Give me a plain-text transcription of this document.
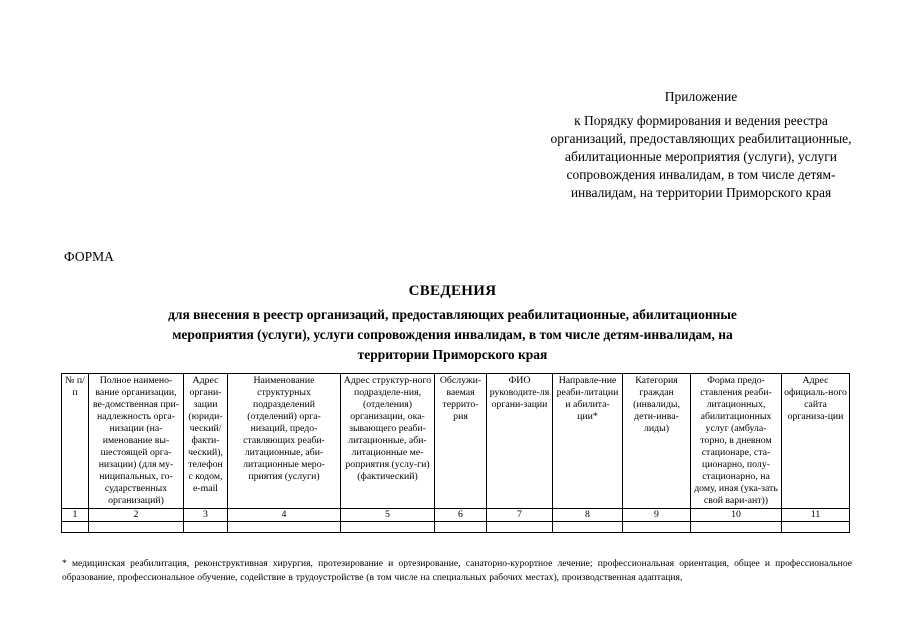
Приложение
к Порядку формирования и ведения реестра организаций, предоставляющих реабилитационные, абилитационные мероприятия (услуги), услуги сопровождения инвалидам, в том числе детям-инвалидам, на территории Приморского края
ФОРМА
СВЕДЕНИЯ
для внесения в реестр организаций, предоставляющих реабилитационные, абилитационные мероприятия (услуги), услуги сопровождения инвалидам, в том числе детям-инвалидам, на территории Приморского края
№ п/п	Полное наимено-вание организации, ве-домственная при-надлежность орга-низации (на-именование вы-шестоящей орга-низации) (для му-ниципальных, го-сударственных организаций)	Адрес органи-зации (юриди-ческий/ факти-ческий), телефон с кодом, e-mail	Наименование структурных подразделений (отделений) орга-низаций, предо-ставляющих реаби-литационные, аби-литационные меро-приятия (услуги)	Адрес структур-ного подразделе-ния, (отделения) организации, ока-зывающего реаби-литационные, аби-литационные ме-роприятия (услу-ги) (фактический)	Обслужи-ваемая террито-рия	ФИО руководите-ля органи-зации	Направле-ние реаби-литации и абилита-ции*	Категория граждан (инвалиды, дети-инва-лиды)	Форма предо-ставления реаби-литационных, абилитационных услуг (амбула-торно, в дневном стационаре, ста-ционарно, полу-стационарно, на дому, иная (ука-зать свой вари-ант))	Адрес официаль-ного сайта организа-ции
1	2	3	4	5	6	7	8	9	10	11

* медицинская реабилитация, реконструктивная хирургия, протезирование и ортезирование, санаторно-курортное лечение; профессиональная ориентация, общее и профессиональное образование, профессиональное обучение, содействие в трудоустройстве (в том числе на специальных рабочих местах), производственная адаптация,
